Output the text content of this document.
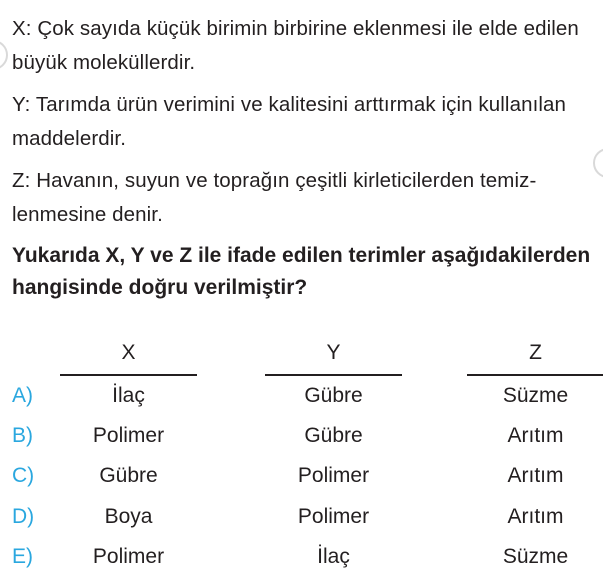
X: Çok sayıda küçük birimin birbirine eklenmesi ile elde edilen büyük moleküllerdir.

Y: Tarımda ürün verimini ve kalitesini arttırmak için kullanılan maddelerdir.

Z: Havanın, suyun ve toprağın çeşitli kirleticilerden temizlenmesine denir.

Yukarıda X, Y ve Z ile ifade edilen terimler aşağıdakilerden hangisinde doğru verilmiştir?

X	Y	Z
A)	İlaç	Gübre	Süzme
B)	Polimer	Gübre	Arıtım
C)	Gübre	Polimer	Arıtım
D)	Boya	Polimer	Arıtım
E)	Polimer	İlaç	Süzme
